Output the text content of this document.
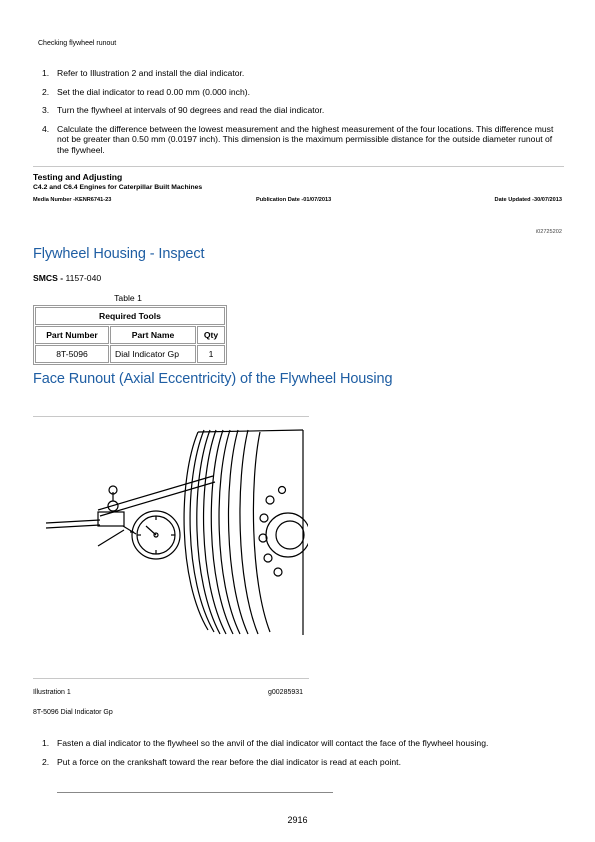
Checking flywheel runout
1. Refer to Illustration 2 and install the dial indicator.
2. Set the dial indicator to read 0.00 mm (0.000 inch).
3. Turn the flywheel at intervals of 90 degrees and read the dial indicator.
4. Calculate the difference between the lowest measurement and the highest measurement of the four locations. This difference must not be greater than 0.50 mm (0.0197 inch). This dimension is the maximum permissible distance for the outside diameter runout of the flywheel.
Testing and Adjusting
C4.2 and C6.4 Engines for Caterpillar Built Machines
Media Number -KENR6741-23	Publication Date -01/07/2013	Date Updated -30/07/2013
i02725202
Flywheel Housing - Inspect
SMCS - 1157-040
Table 1
Required Tools		
Part Number	Part Name	Qty
8T-5096	Dial Indicator Gp	1
Face Runout (Axial Eccentricity) of the Flywheel Housing
Illustration 1	g00285931
8T-5096 Dial Indicator Gp
1. Fasten a dial indicator to the flywheel so the anvil of the dial indicator will contact the face of the flywheel housing.
2. Put a force on the crankshaft toward the rear before the dial indicator is read at each point.
2916
